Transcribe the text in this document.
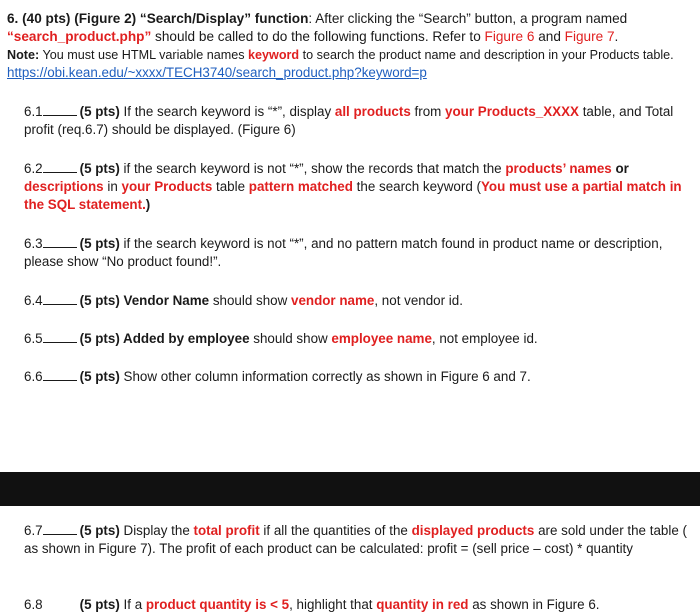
6. (40 pts) (Figure 2) “Search/Display” function: After clicking the “Search” button, a program named
“search_product.php” should be called to do the following functions. Refer to Figure 6 and Figure 7.
Note: You must use HTML variable names keyword to search the product name and description in your Products table.
https://obi.kean.edu/~xxxx/TECH3740/search_product.php?keyword=p
6.1	(5 pts) If the search keyword is “*”, display all products from your Products_XXXX table, and Total profit (req.6.7) should be displayed. (Figure 6)
6.2	(5 pts) if the search keyword is not “*”, show the records that match the products’ names or descriptions in your Products table pattern matched the search keyword (You must use a partial match in the SQL statement.)
6.3	(5 pts) if the search keyword is not “*”, and no pattern match found in product name or description, please show “No product found!”.
6.4	(5 pts) Vendor Name should show vendor name, not vendor id.
6.5	(5 pts) Added by employee should show employee name, not employee id.
6.6	(5 pts) Show other column information correctly as shown in Figure 6 and 7.
6.7	(5 pts) Display the total profit if all the quantities of the displayed products are sold under the table ( as shown in Figure 7). The profit of each product can be calculated: profit = (sell price – cost) * quantity
6.8	(5 pts) If a product quantity is < 5, highlight that quantity in red as shown in Figure 6.
